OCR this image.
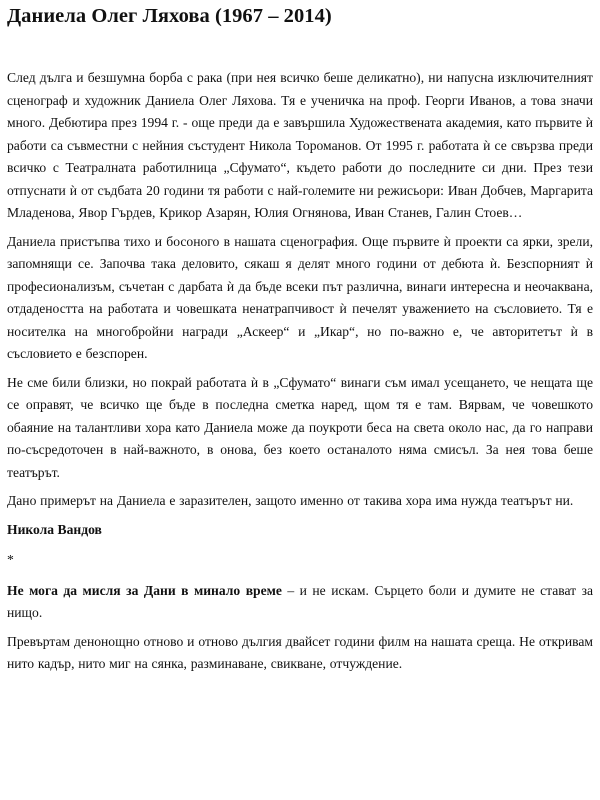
Даниела Олег Ляхова (1967 – 2014)

След дълга и безшумна борба с рака (при нея всичко беше деликатно), ни напусна изключителният сценограф и художник Даниела Олег Ляхова. Тя е ученичка на проф. Георги Иванов, а това значи много. Дебютира през 1994 г. - още преди да е завършила Художествената академия, като първите ѝ работи са съвместни с нейния състудент Никола Тороманов. От 1995 г. работата ѝ се свързва преди всичко с Театралната работилница „Сфумато“, където работи до последните си дни. През тези отпуснати ѝ от съдбата 20 години тя работи с най-големите ни режисьори: Иван Добчев, Маргарита Младенова, Явор Гърдев, Крикор Азарян, Юлия Огнянова, Иван Станев, Галин Стоев…

Даниела пристъпва тихо и босоного в нашата сценография. Още първите ѝ проекти са ярки, зрели, запомнящи се. Започва така деловито, сякаш я делят много години от дебюта ѝ. Безспорният ѝ професионализъм, съчетан с дарбата ѝ да бъде всеки път различна, винаги интересна и неочаквана, отдадеността на работата и човешката ненатрапчивост ѝ печелят уважението на съсловието. Тя е носителка на многобройни награди „Аскеер“ и „Икар“, но по-важно е, че авторитетът ѝ в съсловието е безспорен.

Не сме били близки, но покрай работата ѝ в „Сфумато“ винаги съм имал усещането, че нещата ще се оправят, че всичко ще бъде в последна сметка наред, щом тя е там. Вярвам, че човешкото обаяние на талантливи хора като Даниела може да поукроти беса на света около нас, да го направи по-съсредоточен в най-важното, в онова, без което останалото няма смисъл. За нея това беше театърът.

Дано примерът на Даниела е заразителен, защото именно от такива хора има нужда театърът ни.

Никола Вандов

*

Не мога да мисля за Дани в минало време – и не искам. Сърцето боли и думите не стават за нищо.

Превъртам денонощно отново и отново дългия двайсет години филм на нашата среща. Не откривам нито кадър, нито миг на сянка, разминаване, свикване, отчуждение.
